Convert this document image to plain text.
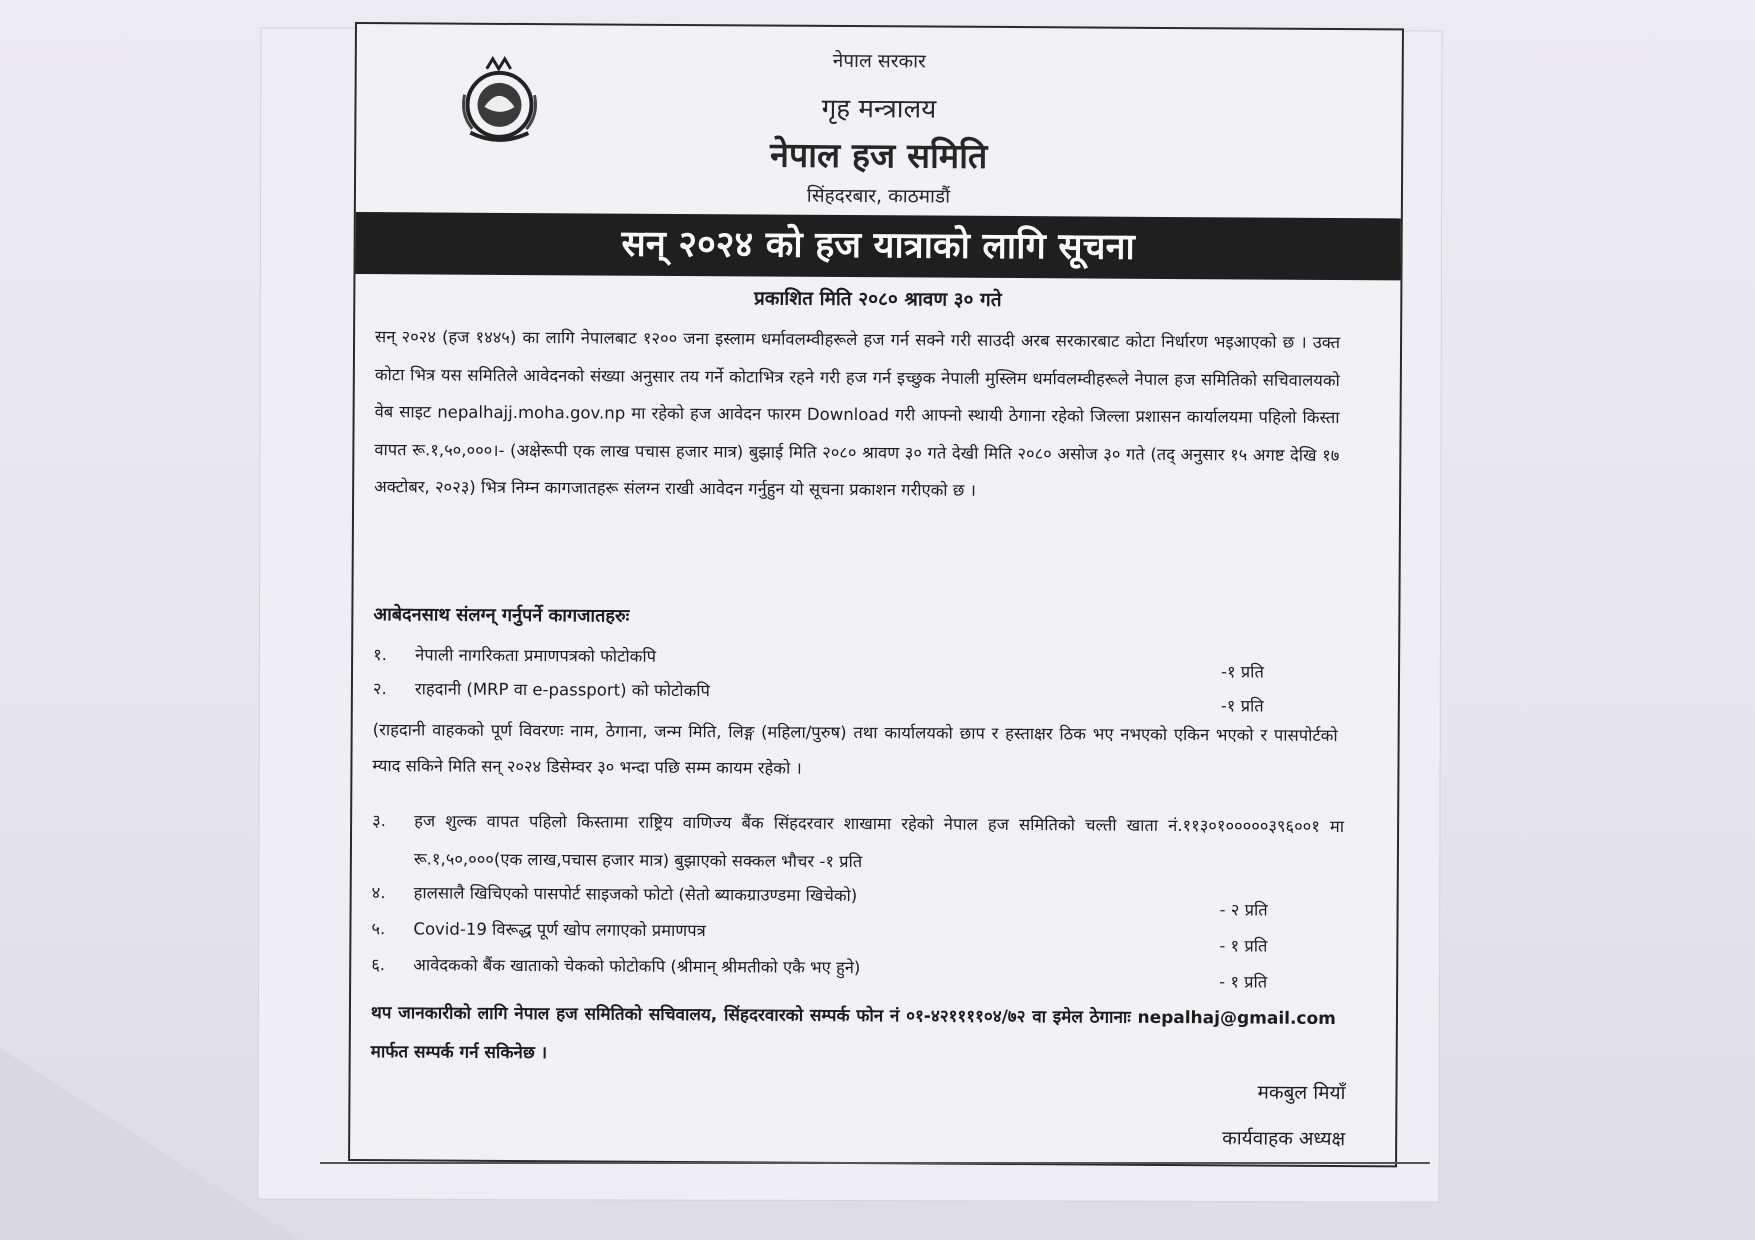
नेपाल सरकार
गृह मन्त्रालय
नेपाल हज समिति
सिंहदरबार, काठमाडौं
सन् २०२४ को हज यात्राको लागि सूचना
प्रकाशित मिति २०८० श्रावण ३० गते
सन् २०२४ (हज १४४५) का लागि नेपालबाट १२०० जना इस्लाम धर्मावलम्वीहरूले हज गर्न सक्ने गरी साउदी अरब सरकारबाट कोटा निर्धारण भइआएको छ । उक्त कोटा भित्र यस समितिले आवेदनको संख्या अनुसार तय गर्ने कोटाभित्र रहने गरी हज गर्न इच्छुक नेपाली मुस्लिम धर्मावलम्वीहरूले नेपाल हज समितिको सचिवालयको वेब साइट nepalhajj.moha.gov.np मा रहेको हज आवेदन फारम Download गरी आफ्नो स्थायी ठेगाना रहेको जिल्ला प्रशासन कार्यालयमा पहिलो किस्ता वापत रू.१,५०,०००।- (अक्षेरूपी एक लाख पचास हजार मात्र) बुझाई मिति २०८० श्रावण ३० गते देखी मिति २०८० असोज ३० गते (तद् अनुसार १५ अगष्ट देखि १७ अक्टोबर, २०२३) भित्र निम्न कागजातहरू संलग्न राखी आवेदन गर्नुहुन यो सूचना प्रकाशन गरीएको छ ।
आबेदनसाथ संलग्न् गर्नुपर्ने कागजातहरुः
१.	नेपाली नागरिकता प्रमाणपत्रको फोटोकपि
-१ प्रति
२.	राहदानी (MRP वा e-passport) को फोटोकपि
-१ प्रति
(राहदानी वाहकको पूर्ण विवरणः नाम, ठेगाना, जन्म मिति, लिङ्ग (महिला/पुरुष) तथा कार्यालयको छाप र हस्ताक्षर ठिक भए नभएको एकिन भएको र पासपोर्टको म्याद सकिने मिति सन् २०२४ डिसेम्वर ३० भन्दा पछि सम्म कायम रहेको ।
३. हज शुल्क वापत पहिलो किस्तामा राष्ट्रिय वाणिज्य बैंक सिंहदरवार शाखामा रहेको नेपाल हज समितिको चल्ती खाता नं.११३०१०००००३९६००१ मा रू.१,५०,०००(एक लाख,पचास हजार मात्र) बुझाएको सक्कल भौचर -१ प्रति
४.	हालसालै खिचिएको पासपोर्ट साइजको फोटो (सेतो ब्याकग्राउण्डमा खिचेको)
- २ प्रति
५.	Covid-19 विरूद्ध पूर्ण खोप लगाएको प्रमाणपत्र
- १ प्रति
६.	आवेदकको बैंक खाताको चेकको फोटोकपि (श्रीमान् श्रीमतीको एकै भए हुने)
- १ प्रति
थप जानकारीको लागि नेपाल हज समितिको सचिवालय, सिंहदरवारको सम्पर्क फोन नं ०१-४२११११०४/७२ वा इमेल ठेगानाः nepalhaj@gmail.com मार्फत सम्पर्क गर्न सकिनेछ ।
मकबुल मियाँ
कार्यवाहक अध्यक्ष
